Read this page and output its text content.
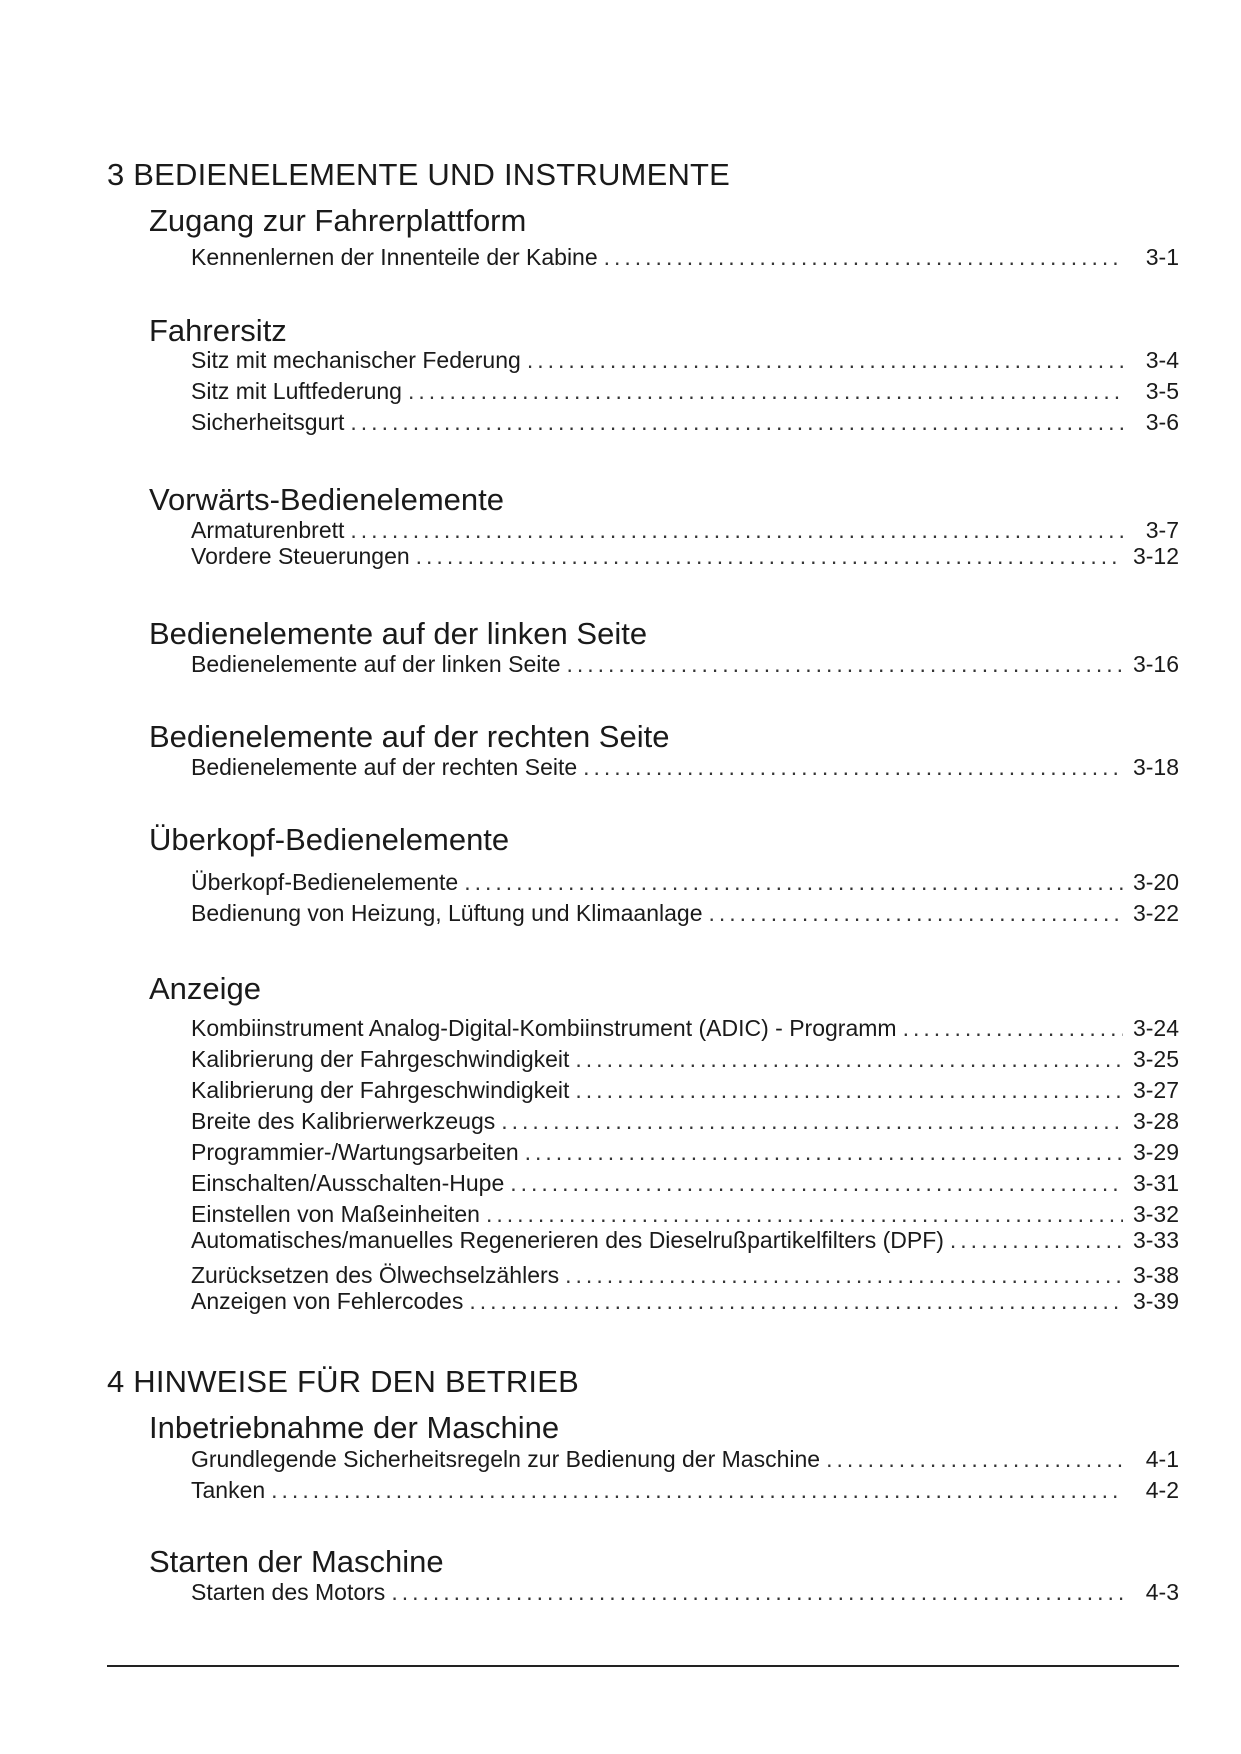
3 BEDIENELEMENTE UND INSTRUMENTE
Zugang zur Fahrerplattform
Kennenlernen der Innenteile der Kabine . . .	3-1
Fahrersitz
Sitz mit mechanischer Federung . . .	3-4
Sitz mit Luftfederung . . .	3-5
Sicherheitsgurt . . .	3-6
Vorwärts-Bedienelemente
Armaturenbrett . . .	3-7
Vordere Steuerungen . . .	3-12
Bedienelemente auf der linken Seite
Bedienelemente auf der linken Seite . . .	3-16
Bedienelemente auf der rechten Seite
Bedienelemente auf der rechten Seite . . .	3-18
Überkopf-Bedienelemente
Überkopf-Bedienelemente . . .	3-20
Bedienung von Heizung, Lüftung und Klimaanlage . . .	3-22
Anzeige
Kombiinstrument Analog-Digital-Kombiinstrument (ADIC) - Programm . . .	3-24
Kalibrierung der Fahrgeschwindigkeit . . .	3-25
Kalibrierung der Fahrgeschwindigkeit . . .	3-27
Breite des Kalibrierwerkzeugs . . .	3-28
Programmier-/Wartungsarbeiten . . .	3-29
Einschalten/Ausschalten-Hupe . . .	3-31
Einstellen von Maßeinheiten . . .	3-32
Automatisches/manuelles Regenerieren des Dieselrußpartikelfilters (DPF) . . .	3-33
Zurücksetzen des Ölwechselzählers . . .	3-38
Anzeigen von Fehlercodes . . .	3-39
4 HINWEISE FÜR DEN BETRIEB
Inbetriebnahme der Maschine
Grundlegende Sicherheitsregeln zur Bedienung der Maschine . . .	4-1
Tanken . . .	4-2
Starten der Maschine
Starten des Motors . . .	4-3
